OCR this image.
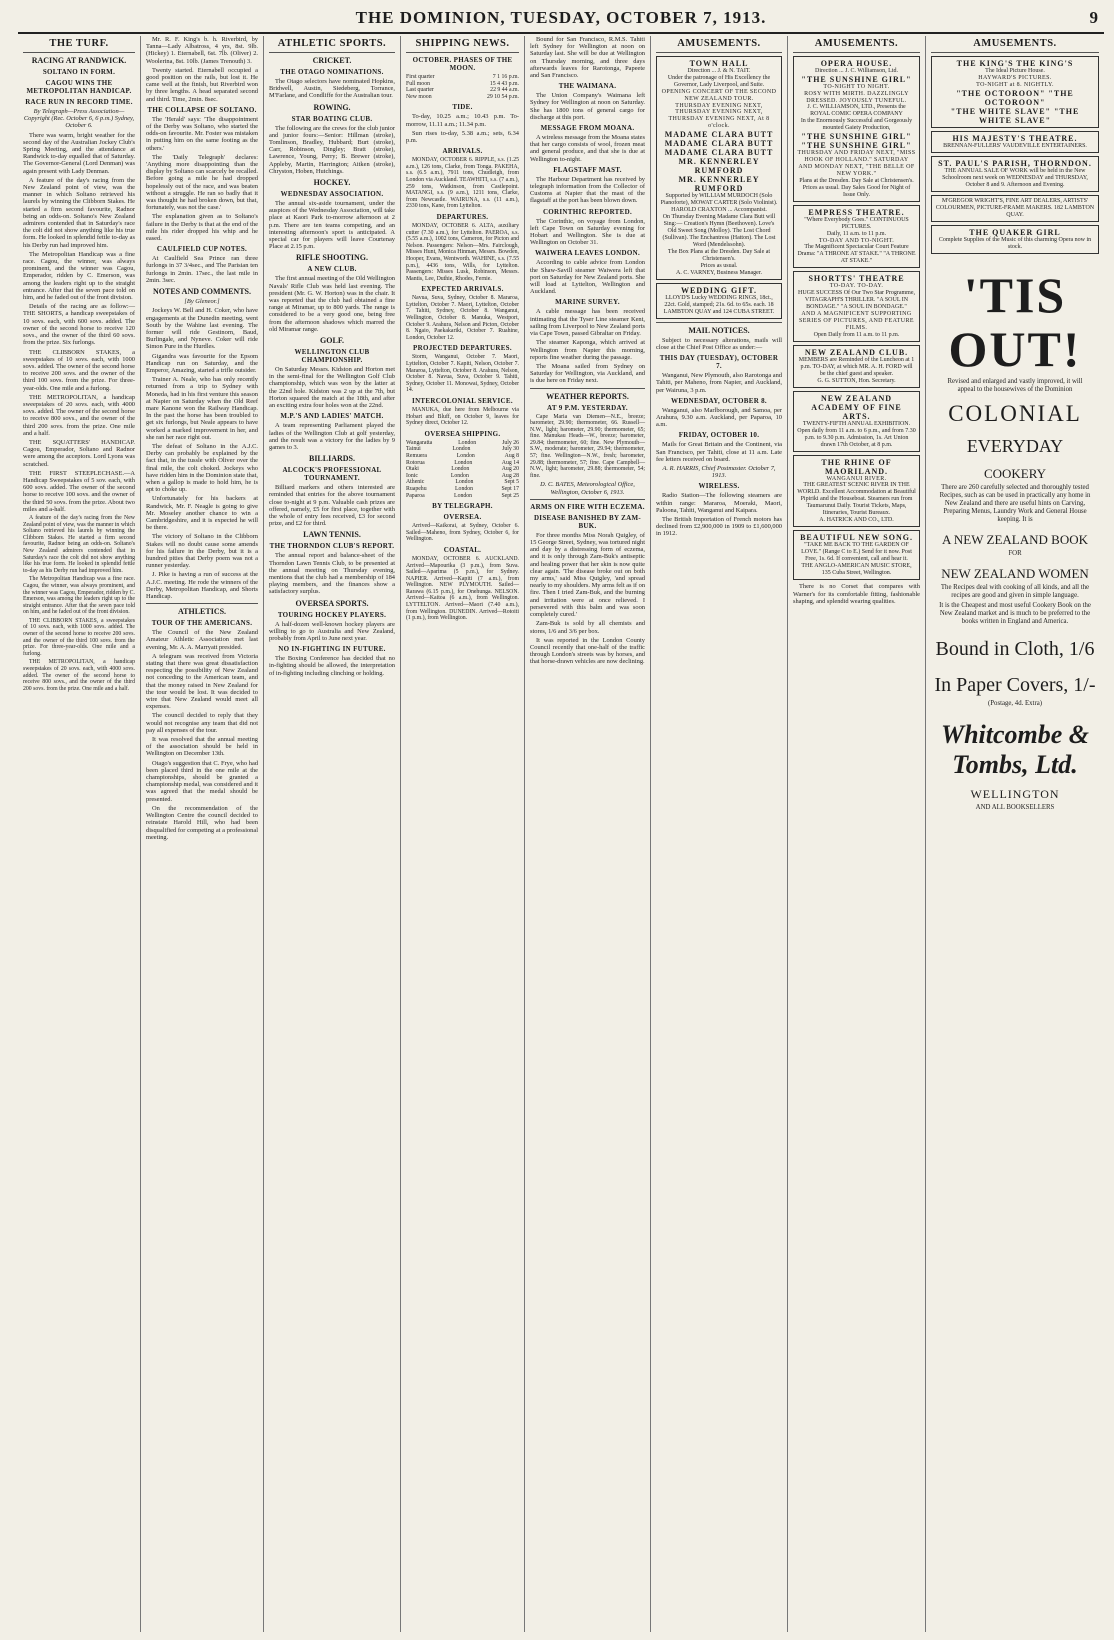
THE DOMINION, TUESDAY, OCTOBER 7, 1913.	9
THE TURF.
RACING AT RANDWICK.
SOLTANO IN FORM.
CAGOU WINS THE METROPOLITAN HANDICAP.
RACE RUN IN RECORD TIME.
By Telegraph—Press Association—Copyright (Rec. October 6, 6 p.m.) Sydney, October 6.

There was warm, bright weather for the second day of the Australian Jockey Club's Spring Meeting, and the attendance at Randwick to-day equalled that of Saturday. The Governor-General (Lord Denman) was again present with Lady Denman.

A feature of the day's racing from the New Zealand point of view, was the manner in which Soltano retrieved his laurels by winning the Clibborn Stakes. He started a firm second favourite, Radnor being an odds-on. Soltano's New Zealand admirers contended that in Saturday's race the colt did not show anything like his true form. He looked in splendid fettle to-day as his Derby run had improved him.

The Metropolitan Handicap was a fine race. Cagou, the winner, was always prominent, and the winner was Cagou, Emperador, ridden by C. Emerson, was among the leaders right up to the straight entrance. After that the seven pace told on him, and he faded out of the front division.

Details of the racing are as follow:— THE SHORTS, a handicap sweepstakes of 10 sovs. each, with 600 sovs. added. The owner of the second horse to receive 120 sovs., and the owner of the third 60 sovs. from the prize. Six furlongs.

THE CLIBBORN STAKES, a sweepstakes of 10 sovs. each, with 1000 sovs. added. The owner of the second horse to receive 200 sovs. and the owner of the third 100 sovs. from the prize. For three-year-olds. One mile and a furlong.

THE METROPOLITAN, a handicap sweepstakes of 20 sovs. each, with 4000 sovs. added. The owner of the second horse to receive 800 sovs., and the owner of the third 200 sovs. from the prize. One mile and a half.

THE SQUATTERS' HANDICAP. Cagou, Emperador, Soltano and Radnor were among the acceptors. Lord Lyons was scratched.

THE FIRST STEEPLECHASE.—A Handicap Sweepstakes of 5 sov. each, with 600 sovs. added. The owner of the second horse to receive 100 sovs. and the owner of the third 50 sovs. from the prize. About two miles and a-half.

A feature of the day's racing from the New Zealand point of view, was the manner in which Soltano retrieved his laurels by winning the Clibborn Stakes. He started a firm second favourite, Radnor being an odds-on. Soltano's New Zealand admirers contended that in Saturday's race the colt did not show anything like his true form. He looked in splendid fettle to-day as his Derby run had improved him.

The Metropolitan Handicap was a fine race. Cagou, the winner, was always prominent, and the winner was Cagou, Emperador, ridden by C. Emerson, was among the leaders right up to the straight entrance. After that the seven pace told on him, and he faded out of the front division.

THE CLIBBORN STAKES, a sweepstakes of 10 sovs. each, with 1000 sovs. added. The owner of the second horse to receive 200 sovs. and the owner of the third 100 sovs. from the prize. For three-year-olds. One mile and a furlong.

THE METROPOLITAN, a handicap sweepstakes of 20 sovs. each, with 4000 sovs. added. The owner of the second horse to receive 800 sovs., and the owner of the third 200 sovs. from the prize. One mile and a half.

Mr. R. F. King's b. h. Riverbird, by Tanna—Lady Albatross, 4 yrs, 8st. 9lb. (Hickey) 1. Eternabell, 6st. 7lb. (Oliver) 2. Woolerina, 8st. 10lb. (James Trenouth) 3.

Twenty started. Eternabell occupied a good position on the rails, but lost it. He came well at the finish, but Riverbird won by three lengths. A head separated second and third. Time, 2min. 8sec.

THE COLLAPSE OF SOLTANO.

The 'Herald' says: 'The disappointment of the Derby was Soltano, who started the odds-on favourite. Mr. Foster was mistaken in putting him on the same footing as the others.'

The 'Daily Telegraph' declares: 'Anything more disappointing than the display by Soltano can scarcely be recalled. Before going a mile he had dropped hopelessly out of the race, and was beaten without a struggle. He ran so badly that it was thought he had broken down, but that, fortunately, was not the case.'

The explanation given as to Soltano's failure in the Derby is that at the end of the mile his rider dropped his whip and he eased.

CAULFIELD CUP NOTES.

At Caulfield Sea Prince ran three furlongs in 37 3/4sec., and The Parisian ten furlongs in 2min. 17sec., the last mile in 2min. 3sec.

NOTES AND COMMENTS.
[By Gleneor.]

Jockeys W. Bell and H. Coker, who have engagements at the Dunedin meeting, went South by the Wahine last evening. The former will ride Gestinorn, Baud, Burlingale, and Nyneve. Coker will ride Simon Pure in the Hurdles.

Gigandra was favourite for the Epsom Handicap run on Saturday, and the Emperor, Amazing, started a trifle outsider.

Trainer A. Neale, who has only recently returned from a trip to Sydney with Moneda, had in his first venture this season at Napier on Saturday when the Old Reef mare Kanone won the Railway Handicap. In the past the horse has been troubled to get six furlongs, but Neale appears to have worked a marked improvement in her, and she ran her race right out.

The defeat of Soltano in the A.J.C. Derby can probably be explained by the fact that, in the tussle with Oliver over the final mile, the colt choked. Jockeys who have ridden him in the Dominion state that, when a gallop is made to hold him, he is apt to choke up.

Unfortunately for his backers at Randwick, Mr. F. Neagle is going to give Mr. Moseley another chance to win a Cambridgeshire, and it is expected he will be there.

The victory of Soltano in the Clibborn Stakes will no doubt cause some amends for his failure in the Derby, but it is a hundred pities that Derby poem was not a runner yesterday.

J. Pike is having a run of success at the A.J.C. meeting. He rode the winners of the Derby, Metropolitan Handicap, and Shorts Handicap.

ATHLETICS.
TOUR OF THE AMERICANS.

The Council of the New Zealand Amateur Athletic Association met last evening, Mr. A. A. Marryatt presided.

A telegram was received from Victoria stating that there was great dissatisfaction respecting the possibility of New Zealand not conceding to the American team, and that the money raised in New Zealand for the tour would be lost. It was decided to wire that New Zealand would meet all expenses.

The council decided to reply that they would not recognise any team that did not pay all expenses of the tour.

It was resolved that the annual meeting of the association should be held in Wellington on December 13th.

Otago's suggestion that C. Frye, who had been placed third in the one mile at the championships, should be granted a championship medal, was considered and it was agreed that the medal should be presented.

On the recommendation of the Wellington Centre the council decided to reinstate Harold Hill, who had been disqualified for competing at a professional meeting.

ATHLETIC SPORTS.
CRICKET.
THE OTAGO NOMINATIONS.

The Otago selectors have nominated Hopkins, Bridwell, Austin, Siedeberg, Torrance, M'Farlane, and Condliffe for the Australian tour.

ROWING.
STAR BOATING CLUB.

The following are the crews for the club junior and junior fours:—Senior: Hillman (stroke), Tomlinson, Bradley, Hubbard; Burt (stroke), Carr, Robinson, Dingley; Bratt (stroke), Lawrence, Young, Perry; B. Brewer (stroke), Appleby, Martin, Harrington; Aitken (stroke), Chryston, Hoben, Hutchings.

HOCKEY.
WEDNESDAY ASSOCIATION.

The annual six-aside tournament, under the auspices of the Wednesday Association, will take place at Kaori Park to-morrow afternoon at 2 p.m. There are ten teams competing, and an interesting afternoon's sport is anticipated. A special car for players will leave Courtenay Place at 2.15 p.m.

RIFLE SHOOTING.
A NEW CLUB.

The first annual meeting of the Old Wellington Navals' Rifle Club was held last evening. The president (Mr. G. W. Horton) was in the chair. It was reported that the club had obtained a fine range at Miramar, up to 800 yards. The range is considered to be a very good one, being free from the afternoon shadows which marred the old Miramar range.

GOLF.
WELLINGTON CLUB CHAMPIONSHIP.

On Saturday Messrs. Kidston and Horton met in the semi-final for the Wellington Golf Club championship, which was won by the latter at the 22nd hole. Kidston was 2 up at the 7th, but Horton squared the match at the 18th, and after an exciting extra four holes won at the 22nd.

M.P.'S AND LADIES' MATCH.

A team representing Parliament played the ladies of the Wellington Club at golf yesterday, and the result was a victory for the ladies by 9 games to 3.

BILLIARDS.
ALCOCK'S PROFESSIONAL TOURNAMENT.

Billiard markers and others interested are reminded that entries for the above tournament close to-night at 9 p.m. Valuable cash prizes are offered, namely, £5 for first place, together with the whole of entry fees received, £3 for second prize, and £2 for third.

LAWN TENNIS.
THE THORNDON CLUB'S REPORT.

The annual report and balance-sheet of the Thorndon Lawn Tennis Club, to be presented at the annual meeting on Thursday evening, mentions that the club had a membership of 184 playing members, and the finances show a satisfactory surplus.

OVERSEA SPORTS.
TOURING HOCKEY PLAYERS.

A half-dozen well-known hockey players are willing to go to Australia and New Zealand, probably from April to June next year.

NO IN-FIGHTING IN FUTURE.

The Boxing Conference has decided that no in-fighting should be allowed, the interpretation of in-fighting including clinching or holding.

SHIPPING NEWS.
OCTOBER. PHASES OF THE MOON.
First quarter	7 1 16 p.m.
Full moon	15 4 43 p.m.
Last quarter	22 9 44 a.m.
New moon	29 10 54 p.m.
TIDE.

To-day, 10.25 a.m.; 10.43 p.m. To-morrow, 11.11 a.m.; 11.34 p.m.

Sun rises to-day, 5.38 a.m.; sets, 6.34 p.m.

ARRIVALS.

MONDAY, OCTOBER 6. RIPPLE, s.s. (1.25 a.m.), 126 tons, Clarke, from Tonga. PAKEHA, s.s. (6.5 a.m.), 7911 tons, Chudleigh, from London via Auckland. TEAWHITI, s.s. (7 a.m.), 259 tons, Watkinson, from Castlepoint. MATANGI, s.s. (9 a.m.), 1211 tons, Clarke, from Newcastle. WAIRUNA, s.s. (11 a.m.), 2330 tons, Kane, from Lyttelton.

DEPARTURES.

MONDAY, OCTOBER 6. ALTA, auxiliary cutter (7.30 a.m.), for Lyttelton. PAEROA, s.s. (5.55 a.m.), 1002 tons, Cameron, for Picton and Nelson. Passengers: Nelson—Mrs. Fairclough, Misses Hunt, Monica Hinman, Messrs. Bowden, Hooper, Evans, Wentworth. WAHINE, s.s. (7.55 p.m.), 4436 tons, Wills, for Lyttelton. Passengers: Misses Lusk, Robinson, Messrs. Mantis, Lee, Duthie, Rhodes, Fernie.

EXPECTED ARRIVALS.

Navua, Suva, Sydney, October 8. Mararoa, Lyttelton, October 7. Maori, Lyttelton, October 7. Tahiti, Sydney, October 8. Wanganui, Wellington, October 8. Manuka, Westport, October 9. Arahura, Nelson and Picton, October 8. Ngaio, Paekakariki, October 7. Ruahine, London, October 12.

PROJECTED DEPARTURES.

Storm, Wanganui, October 7. Maori, Lyttelton, October 7. Kapiti, Nelson, October 7. Mararoa, Lyttelton, October 8. Arahura, Nelson, October 8. Navua, Suva, October 9. Tahiti, Sydney, October 11. Monowai, Sydney, October 14.

INTERCOLONIAL SERVICE.

MANUKA, due here from Melbourne via Hobart and Bluff, on October 9, leaves for Sydney direct, October 12.

OVERSEA SHIPPING.
Wangaratta	London	July 26
Tainui	London	July 30
Remuera	London	Aug 8
Rotorua	London	Aug 14
Otaki	London	Aug 20
Ionic	London	Aug 28
Athenic	London	Sept 5
Ruapehu	London	Sept 17
Paparoa	London	Sept 25
BY TELEGRAPH.
OVERSEA.

Arrived—Kaikorai, at Sydney, October 6. Sailed—Maheno, from Sydney, October 6, for Wellington.

COASTAL.

MONDAY, OCTOBER 6. AUCKLAND. Arrived—Mapourika (3 p.m.), from Suva. Sailed—Aparima (5 p.m.), for Sydney. NAPIER. Arrived—Kapiti (7 a.m.), from Wellington. NEW PLYMOUTH. Sailed—Rarawa (6.15 p.m.), for Onehunga. NELSON. Arrived—Kaitoa (6 a.m.), from Wellington. LYTTELTON. Arrived—Maori (7.40 a.m.), from Wellington. DUNEDIN. Arrived—Rotoiti (1 p.m.), from Wellington.

Bound for San Francisco, R.M.S. Tahiti left Sydney for Wellington at noon on Saturday last. She will be due at Wellington on Thursday morning, and three days afterwards leaves for Rarotonga, Papeete and San Francisco.

THE WAIMANA.

The Union Company's Waimana left Sydney for Wellington at noon on Saturday. She has 1800 tons of general cargo for discharge at this port.

MESSAGE FROM MOANA.

A wireless message from the Moana states that her cargo consists of wool, frozen meat and general produce, and that she is due at Wellington to-night.

FLAGSTAFF MAST.

The Harbour Department has received by telegraph information from the Collector of Customs at Napier that the mast of the flagstaff at the port has been blown down.

CORINTHIC REPORTED.

The Corinthic, on voyage from London, left Cape Town on Saturday evening for Hobart and Wellington. She is due at Wellington on October 31.

WAIWERA LEAVES LONDON.

According to cable advice from London the Shaw-Savill steamer Waiwera left that port on Saturday for New Zealand ports. She will load at Lyttelton, Wellington and Auckland.

MARINE SURVEY.

A cable message has been received intimating that the Tyser Line steamer Kent, sailing from Liverpool to New Zealand ports via Cape Town, passed Gibraltar on Friday.

The steamer Kaponga, which arrived at Wellington from Napier this morning, reports fine weather during the passage.

The Moana sailed from Sydney on Saturday for Wellington, via Auckland, and is due here on Friday next.

WEATHER REPORTS.
AT 9 P.M. YESTERDAY.

Cape Maria van Diemen—N.E., breeze; barometer, 29.90; thermometer, 66. Russell—N.W., light; barometer, 29.90; thermometer, 65; fine. Manukau Heads—W., breeze; barometer, 29.84; thermometer, 60; fine. New Plymouth—S.W., moderate; barometer, 29.94; thermometer, 57; fine. Wellington—N.W., fresh; barometer, 29.88; thermometer, 57; fine. Cape Campbell—N.W., light; barometer, 29.88; thermometer, 54; fine.

D. C. BATES, Meteorological Office, Wellington, October 6, 1913.
ARMS ON FIRE WITH ECZEMA.
DISEASE BANISHED BY ZAM-BUK.

For three months Miss Norah Quigley, of 15 George Street, Sydney, was tortured night and day by a distressing form of eczema, and it is only through Zam-Buk's antiseptic and healing power that her skin is now quite clear again. 'The disease broke out on both my arms,' said Miss Quigley, 'and spread nearly to my shoulders. My arms felt as if on fire. Then I tried Zam-Buk, and the burning and irritation were at once relieved. I persevered with this balm and was soon completely cured.'

Zam-Buk is sold by all chemists and stores, 1/6 and 3/6 per box.

It was reported in the London County Council recently that one-half of the traffic through London's streets was by horses, and that horse-drawn vehicles are now declining.

AMUSEMENTS.
TOWN HALL
Direction ... J. & N. TAIT.
Under the patronage of His Excellency the Governor, Lady Liverpool, and Suite.
OPENING CONCERT OF THE SECOND NEW ZEALAND TOUR.
THURSDAY EVENING NEXT, THURSDAY EVENING NEXT, THURSDAY EVENING NEXT, At 8 o'clock.
MADAME CLARA BUTT
MADAME CLARA BUTT
MADAME CLARA BUTT
MR. KENNERLEY RUMFORD
MR. KENNERLEY RUMFORD
Supported by WILLIAM MURDOCH (Solo Pianoforte), MOWAT CARTER (Solo Violinist).
HAROLD CRAXTON ... Accompanist.
On Thursday Evening Madame Clara Butt will Sing:— Creation's Hymn (Beethoven). Love's Old Sweet Song (Molloy). The Lost Chord (Sullivan). The Enchantress (Hatton). The Lost Word (Mendelssohn).
The Box Plans at the Dresden. Day Sale at Christensen's.
Prices as usual.
A. C. VARNEY, Business Manager.
WEDDING GIFT.
LLOYD'S Lucky WEDDING RINGS, 18ct., 22ct. Gold, stamped; 21s. 6d. to 65s. each. 18 LAMBTON QUAY and 124 CUBA STREET.
MAIL NOTICES.

Subject to necessary alterations, mails will close at the Chief Post Office as under:—

THIS DAY (TUESDAY), OCTOBER 7.

Wanganui, New Plymouth, also Rarotonga and Tahiti, per Maheno, from Napier, and Auckland, per Wairuna, 3 p.m.

WEDNESDAY, OCTOBER 8.

Wanganui, also Marlborough, and Samoa, per Arahura, 9.30 a.m. Auckland, per Paparoa, 10 a.m.

FRIDAY, OCTOBER 10.

Mails for Great Britain and the Continent, via San Francisco, per Tahiti, close at 11 a.m. Late fee letters received on board.

A. R. HARRIS, Chief Postmaster. October 7, 1913.
WIRELESS.

Radio Station—The following steamers are within range: Mararoa, Moeraki, Maori, Paloona, Tahiti, Wanganui and Kaipara.

The British Importation of French motors has declined from £2,900,000 in 1909 to £1,600,000 in 1912.

AMUSEMENTS.
OPERA HOUSE.
Direction ... J. C. Williamson, Ltd.
"THE SUNSHINE GIRL"
TO-NIGHT TO NIGHT.
ROSY WITH MIRTH. DAZZLINGLY DRESSED. JOYOUSLY TUNEFUL.
J. C. WILLIAMSON, LTD., Presents the ROYAL COMIC OPERA COMPANY
In the Enormously Successful and Gorgeously mounted Gaiety Production,
"THE SUNSHINE GIRL"
"THE SUNSHINE GIRL"
THURSDAY AND FRIDAY NEXT, "MISS HOOK OF HOLLAND." SATURDAY AND MONDAY NEXT, "THE BELLE OF NEW YORK."
Plans at the Dresden. Day Sale at Christensen's. Prices as usual. Day Sales Good for Night of Issue Only.
EMPRESS THEATRE.
"Where Everybody Goes." CONTINUOUS PICTURES.
Daily, 11 a.m. to 11 p.m.
TO-DAY AND TO-NIGHT.
The Magnificent Spectacular Court Feature Drama: "A THRONE AT STAKE." "A THRONE AT STAKE."
SHORTTS' THEATRE
TO-DAY. TO-DAY.
HUGE SUCCESS Of Our Two Star Programme, VITAGRAPH'S THRILLER. "A SOUL IN BONDAGE." "A SOUL IN BONDAGE."
AND A MAGNIFICENT SUPPORTING SERIES OF PICTURES, AND FEATURE FILMS.
Open Daily from 11 a.m. to 11 p.m.
NEW ZEALAND CLUB.
MEMBERS are Reminded of the Luncheon at 1 p.m. TO-DAY, at which MR. A. H. FORD will be the chief guest and speaker.
G. G. SUTTON, Hon. Secretary.
NEW ZEALAND ACADEMY OF FINE ARTS.
TWENTY-FIFTH ANNUAL EXHIBITION. Open daily from 11 a.m. to 6 p.m., and from 7.30 p.m. to 9.30 p.m. Admission, 1s. Art Union drawn 17th October, at 8 p.m.
THE RHINE OF MAORILAND.
WANGANUI RIVER.
THE GREATEST SCENIC RIVER IN THE WORLD. Excellent Accommodation at Beautiful Pipiriki and the Houseboat. Steamers run from Taumarunui Daily. Tourist Tickets, Maps, Itineraries, Tourist Bureaux.
A. HATRICK AND CO., LTD.
BEAUTIFUL NEW SONG.
"TAKE ME BACK TO THE GARDEN OF LOVE." (Range C to E.) Send for it now. Post Free, 1s. 6d. If convenient, call and hear it.
THE ANGLO-AMERICAN MUSIC STORE, 135 Cuba Street, Wellington.

There is no Corset that compares with Warner's for its comfortable fitting, fashionable shaping, and splendid wearing qualities.

AMUSEMENTS.
THE KING'S THE KING'S
The Ideal Picture House.
HAYWARD'S PICTURES.
TO-NIGHT at 8. NIGHTLY.
"THE OCTOROON" "THE OCTOROON"
"THE WHITE SLAVE" "THE WHITE SLAVE"
HIS MAJESTY'S THEATRE.
BRENNAN-FULLERS' VAUDEVILLE ENTERTAINERS.
ST. PAUL'S PARISH, THORNDON.
THE ANNUAL SALE OF WORK will be held in the New Schoolroom next week on WEDNESDAY and THURSDAY, October 8 and 9. Afternoon and Evening.
M'GREGOR WRIGHT'S, FINE ART DEALERS, ARTISTS' COLOURMEN, PICTURE-FRAME MAKERS. 182 LAMBTON QUAY.
THE QUAKER GIRL
Complete Supplies of the Music of this charming Opera now in stock.
'TIS OUT!
Revised and enlarged and vastly improved, it will appeal to the housewives of the Dominion
COLONIAL
EVERYDAY
COOKERY
There are 260 carefully selected and thoroughly tested Recipes, such as can be used in practically any home in New Zealand and there are useful hints on Carving, Preparing Menus, Laundry Work and General House keeping. It is
A NEW ZEALAND BOOK
FOR
NEW ZEALAND WOMEN
The Recipes deal with cooking of all kinds, and all the recipes are good and given in simple language.
It is the Cheapest and most useful Cookery Book on the New Zealand market and is much to be preferred to the books written in England and America.
Bound in Cloth, 1/6
In Paper Covers, 1/-
(Postage, 4d. Extra)
Whitcombe & Tombs, Ltd.
WELLINGTON
AND ALL BOOKSELLERS
